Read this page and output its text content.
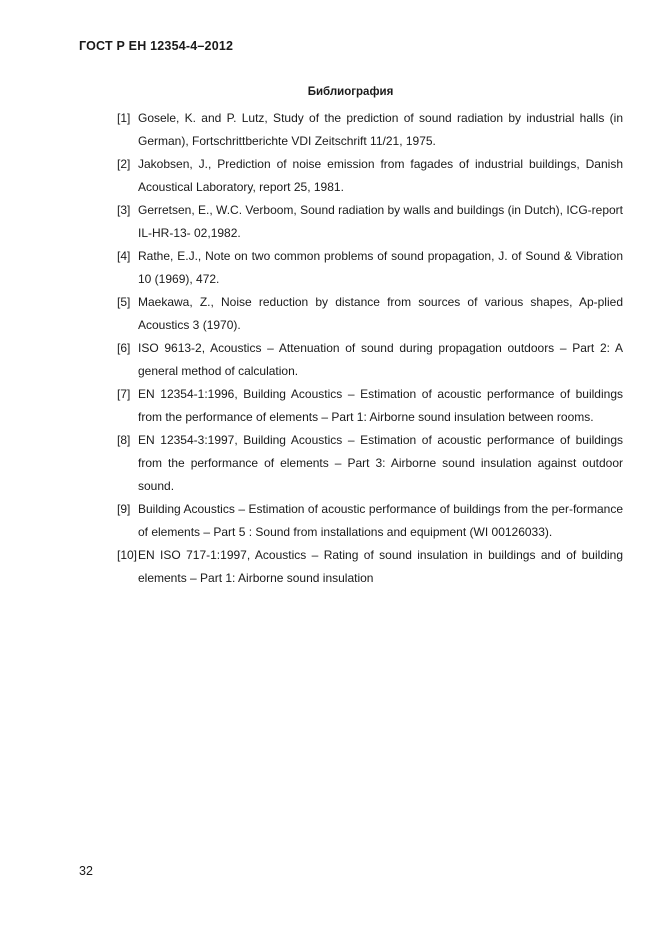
ГОСТ Р ЕН 12354-4–2012
Библиография
[1] Gosele, K. and P. Lutz, Study of the prediction of sound radiation by industrial halls (in German), Fortschrittberichte VDI Zeitschrift 11/21, 1975.
[2] Jakobsen, J., Prediction of noise emission from fagades of industrial buildings, Danish Acoustical Laboratory, report 25, 1981.
[3] Gerretsen, E., W.C. Verboom, Sound radiation by walls and buildings (in Dutch), ICG-report IL-HR-13- 02,1982.
[4] Rathe, E.J., Note on two common problems of sound propagation, J. of Sound & Vibration 10 (1969), 472.
[5] Maekawa, Z., Noise reduction by distance from sources of various shapes, Ap-plied Acoustics 3 (1970).
[6] ISO 9613-2, Acoustics – Attenuation of sound during propagation outdoors – Part 2: A general method of calculation.
[7] EN 12354-1:1996, Building Acoustics – Estimation of acoustic performance of buildings from the performance of elements – Part 1: Airborne sound insulation between rooms.
[8] EN 12354-3:1997, Building Acoustics – Estimation of acoustic performance of buildings from the performance of elements – Part 3: Airborne sound insulation against outdoor sound.
[9] Building Acoustics – Estimation of acoustic performance of buildings from the per-formance of elements – Part 5 : Sound from installations and equipment (WI 00126033).
[10] EN ISO 717-1:1997, Acoustics – Rating of sound insulation in buildings and of building elements – Part 1: Airborne sound insulation
32
